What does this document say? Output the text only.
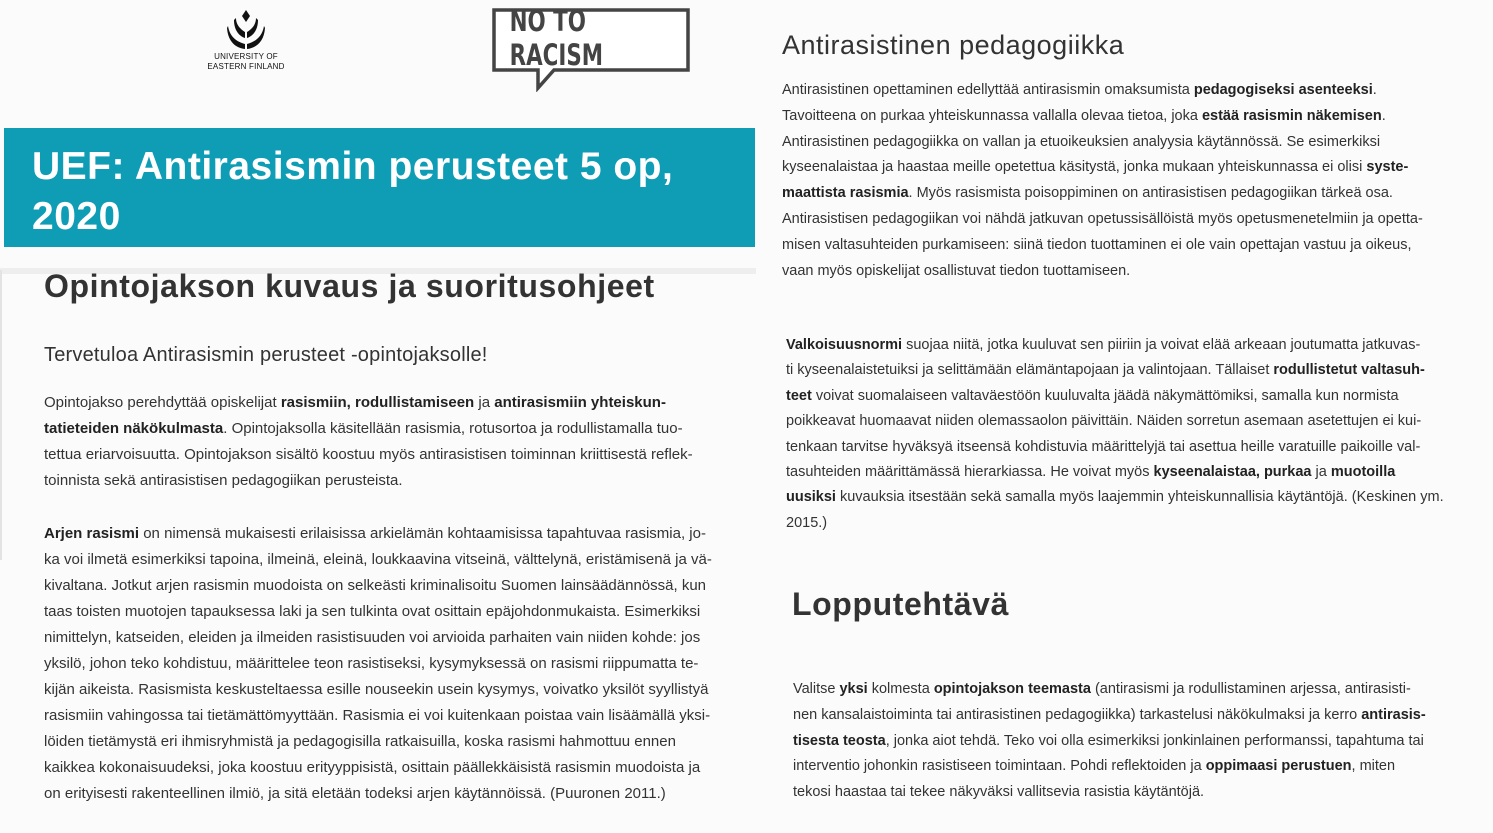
UNIVERSITY OF
EASTERN FINLAND
NO TO RACISM
UEF: Antirasismin perusteet 5 op,
2020
Opintojakson kuvaus ja suoritusohjeet
Tervetuloa Antirasismin perusteet -opintojaksolle!

Opintojakso perehdyttää opiskelijat rasismiin, rodullistamiseen ja antirasismiin yhteiskun-
tatieteiden näkökulmasta. Opintojaksolla käsitellään rasismia, rotusortoa ja rodullistamalla tuo-
tettua eriarvoisuutta. Opintojakson sisältö koostuu myös antirasistisen toiminnan kriittisestä reflek-
toinnista sekä antirasistisen pedagogiikan perusteista.

Arjen rasismi on nimensä mukaisesti erilaisissa arkielämän kohtaamisissa tapahtuvaa rasismia, jo-
ka voi ilmetä esimerkiksi tapoina, ilmeinä, eleinä, loukkaavina vitseinä, välttelynä, eristämisenä ja vä-
kivaltana. Jotkut arjen rasismin muodoista on selkeästi kriminalisoitu Suomen lainsäädännössä, kun
taas toisten muotojen tapauksessa laki ja sen tulkinta ovat osittain epäjohdonmukaista. Esimerkiksi
nimittelyn, katseiden, eleiden ja ilmeiden rasistisuuden voi arvioida parhaiten vain niiden kohde: jos
yksilö, johon teko kohdistuu, määrittelee teon rasistiseksi, kysymyksessä on rasismi riippumatta te-
kijän aikeista. Rasismista keskusteltaessa esille nouseekin usein kysymys, voivatko yksilöt syyllistyä
rasismiin vahingossa tai tietämättömyyttään. Rasismia ei voi kuitenkaan poistaa vain lisäämällä yksi-
löiden tietämystä eri ihmisryhmistä ja pedagogisilla ratkaisuilla, koska rasismi hahmottuu ennen
kaikkea kokonaisuudeksi, joka koostuu erityyppisistä, osittain päällekkäisistä rasismin muodoista ja
on erityisesti rakenteellinen ilmiö, ja sitä eletään todeksi arjen käytännöissä. (Puuronen 2011.)

Antirasistinen pedagogiikka

Antirasistinen opettaminen edellyttää antirasismin omaksumista pedagogiseksi asenteeksi.
Tavoitteena on purkaa yhteiskunnassa vallalla olevaa tietoa, joka estää rasismin näkemisen.
Antirasistinen pedagogiikka on vallan ja etuoikeuksien analyysia käytännössä. Se esimerkiksi
kyseenalaistaa ja haastaa meille opetettua käsitystä, jonka mukaan yhteiskunnassa ei olisi syste-
maattista rasismia. Myös rasismista poisoppiminen on antirasistisen pedagogiikan tärkeä osa.
Antirasistisen pedagogiikan voi nähdä jatkuvan opetussisällöistä myös opetusmenetelmiin ja opetta-
misen valtasuhteiden purkamiseen: siinä tiedon tuottaminen ei ole vain opettajan vastuu ja oikeus,
vaan myös opiskelijat osallistuvat tiedon tuottamiseen.

Valkoisuusnormi suojaa niitä, jotka kuuluvat sen piiriin ja voivat elää arkeaan joutumatta jatkuvas-
ti kyseenalaistetuiksi ja selittämään elämäntapojaan ja valintojaan. Tällaiset rodullistetut valtasuh-
teet voivat suomalaiseen valtaväestöön kuuluvalta jäädä näkymättömiksi, samalla kun normista
poikkeavat huomaavat niiden olemassaolon päivittäin. Näiden sorretun asemaan asetettujen ei kui-
tenkaan tarvitse hyväksyä itseensä kohdistuvia määrittelyjä tai asettua heille varatuille paikoille val-
tasuhteiden määrittämässä hierarkiassa. He voivat myös kyseenalaistaa, purkaa ja muotoilla
uusiksi kuvauksia itsestään sekä samalla myös laajemmin yhteiskunnallisia käytäntöjä. (Keskinen ym.
2015.)

Lopputehtävä

Valitse yksi kolmesta opintojakson teemasta (antirasismi ja rodullistaminen arjessa, antirasisti-
nen kansalaistoiminta tai antirasistinen pedagogiikka) tarkastelusi näkökulmaksi ja kerro antirasis-
tisesta teosta, jonka aiot tehdä. Teko voi olla esimerkiksi jonkinlainen performanssi, tapahtuma tai
interventio johonkin rasistiseen toimintaan. Pohdi reflektoiden ja oppimaasi perustuen, miten
tekosi haastaa tai tekee näkyväksi vallitsevia rasistia käytäntöjä.
